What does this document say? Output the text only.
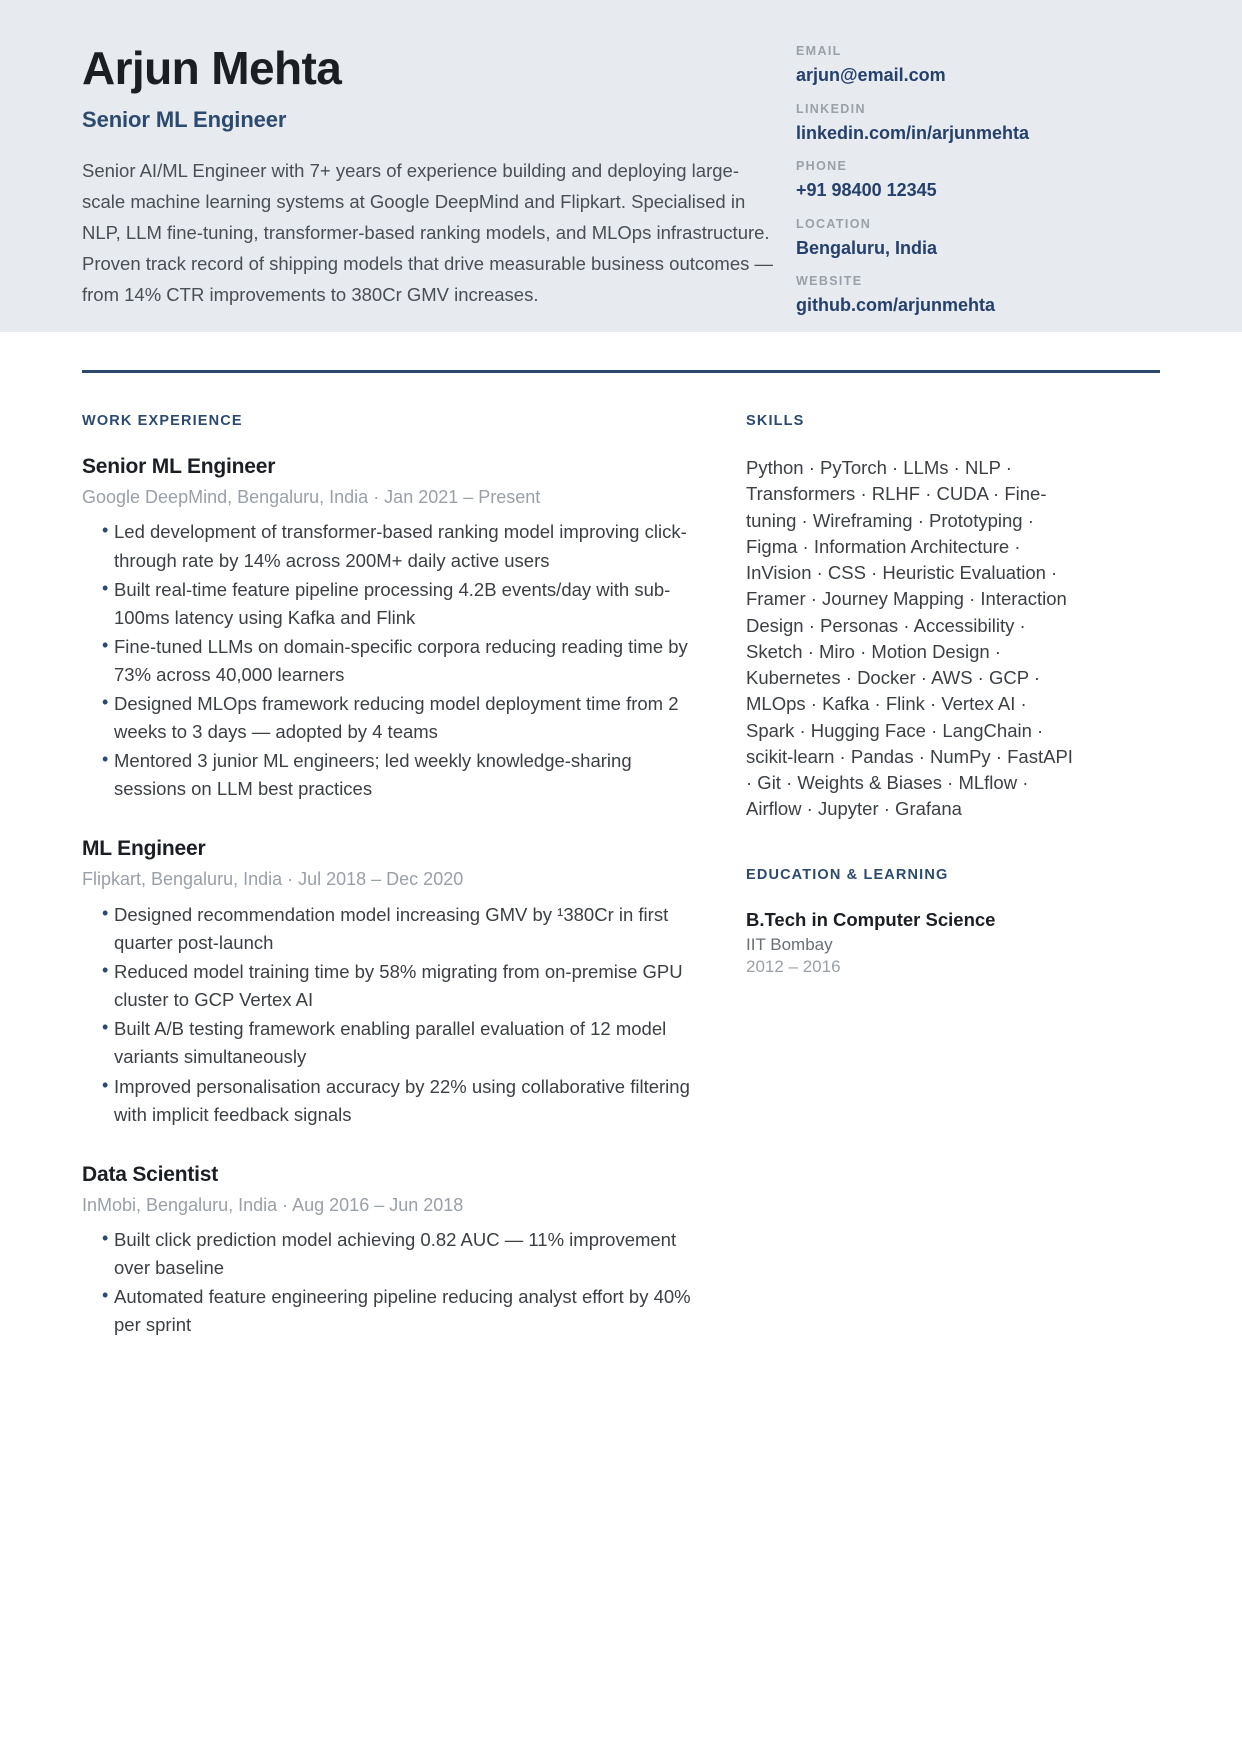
Arjun Mehta
Senior ML Engineer

Senior AI/ML Engineer with 7+ years of experience building and deploying large-scale machine learning systems at Google DeepMind and Flipkart. Specialised in NLP, LLM fine-tuning, transformer-based ranking models, and MLOps infrastructure. Proven track record of shipping models that drive measurable business outcomes — from 14% CTR improvements to 380Cr GMV increases.

EMAIL
arjun@email.com
LINKEDIN
linkedin.com/in/arjunmehta
PHONE
+91 98400 12345
LOCATION
Bengaluru, India
WEBSITE
github.com/arjunmehta
WORK EXPERIENCE
Senior ML Engineer
Google DeepMind, Bengaluru, India · Jan 2021 – Present
• Led development of transformer-based ranking model improving click-through rate by 14% across 200M+ daily active users
• Built real-time feature pipeline processing 4.2B events/day with sub-100ms latency using Kafka and Flink
• Fine-tuned LLMs on domain-specific corpora reducing reading time by 73% across 40,000 learners
• Designed MLOps framework reducing model deployment time from 2 weeks to 3 days — adopted by 4 teams
• Mentored 3 junior ML engineers; led weekly knowledge-sharing sessions on LLM best practices
ML Engineer
Flipkart, Bengaluru, India · Jul 2018 – Dec 2020
• Designed recommendation model increasing GMV by ¹380Cr in first quarter post-launch
• Reduced model training time by 58% migrating from on-premise GPU cluster to GCP Vertex AI
• Built A/B testing framework enabling parallel evaluation of 12 model variants simultaneously
• Improved personalisation accuracy by 22% using collaborative filtering with implicit feedback signals
Data Scientist
InMobi, Bengaluru, India · Aug 2016 – Jun 2018
• Built click prediction model achieving 0.82 AUC — 11% improvement over baseline
• Automated feature engineering pipeline reducing analyst effort by 40% per sprint
SKILLS

Python · PyTorch · LLMs · NLP · Transformers · RLHF · CUDA · Fine-tuning · Wireframing · Prototyping · Figma · Information Architecture · InVision · CSS · Heuristic Evaluation · Framer · Journey Mapping · Interaction Design · Personas · Accessibility · Sketch · Miro · Motion Design · Kubernetes · Docker · AWS · GCP · MLOps · Kafka · Flink · Vertex AI · Spark · Hugging Face · LangChain · scikit-learn · Pandas · NumPy · FastAPI · Git · Weights & Biases · MLflow · Airflow · Jupyter · Grafana

EDUCATION & LEARNING
B.Tech in Computer Science
IIT Bombay
2012 – 2016
